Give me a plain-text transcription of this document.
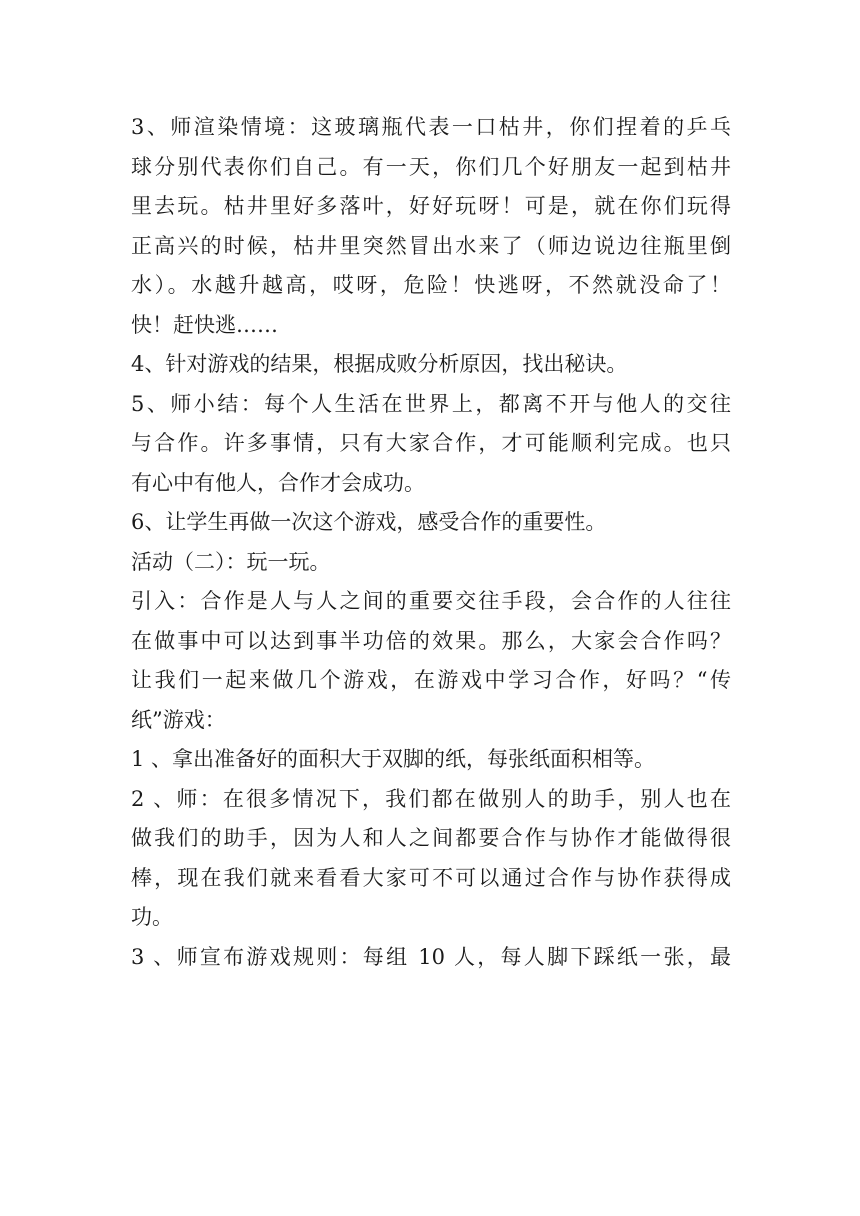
3、师渲染情境：这玻璃瓶代表一口枯井，你们捏着的乒乓
球分别代表你们自己。有一天，你们几个好朋友一起到枯井
里去玩。枯井里好多落叶，好好玩呀！可是，就在你们玩得
正高兴的时候，枯井里突然冒出水来了（师边说边往瓶里倒
水）。水越升越高，哎呀，危险！快逃呀，不然就没命了！
快！赶快逃……
4、针对游戏的结果，根据成败分析原因，找出秘诀。
5、师小结：每个人生活在世界上，都离不开与他人的交往
与合作。许多事情，只有大家合作，才可能顺利完成。也只
有心中有他人，合作才会成功。
6、让学生再做一次这个游戏，感受合作的重要性。
活动（二）：玩一玩。
引入：合作是人与人之间的重要交往手段，会合作的人往往
在做事中可以达到事半功倍的效果。那么，大家会合作吗？
让我们一起来做几个游戏，在游戏中学习合作，好吗？“传
纸”游戏：
1 、拿出准备好的面积大于双脚的纸，每张纸面积相等。
2 、师：在很多情况下，我们都在做别人的助手，别人也在
做我们的助手，因为人和人之间都要合作与协作才能做得很
棒，现在我们就来看看大家可不可以通过合作与协作获得成
功。
3 、师宣布游戏规则：每组 10 人，每人脚下踩纸一张，最
